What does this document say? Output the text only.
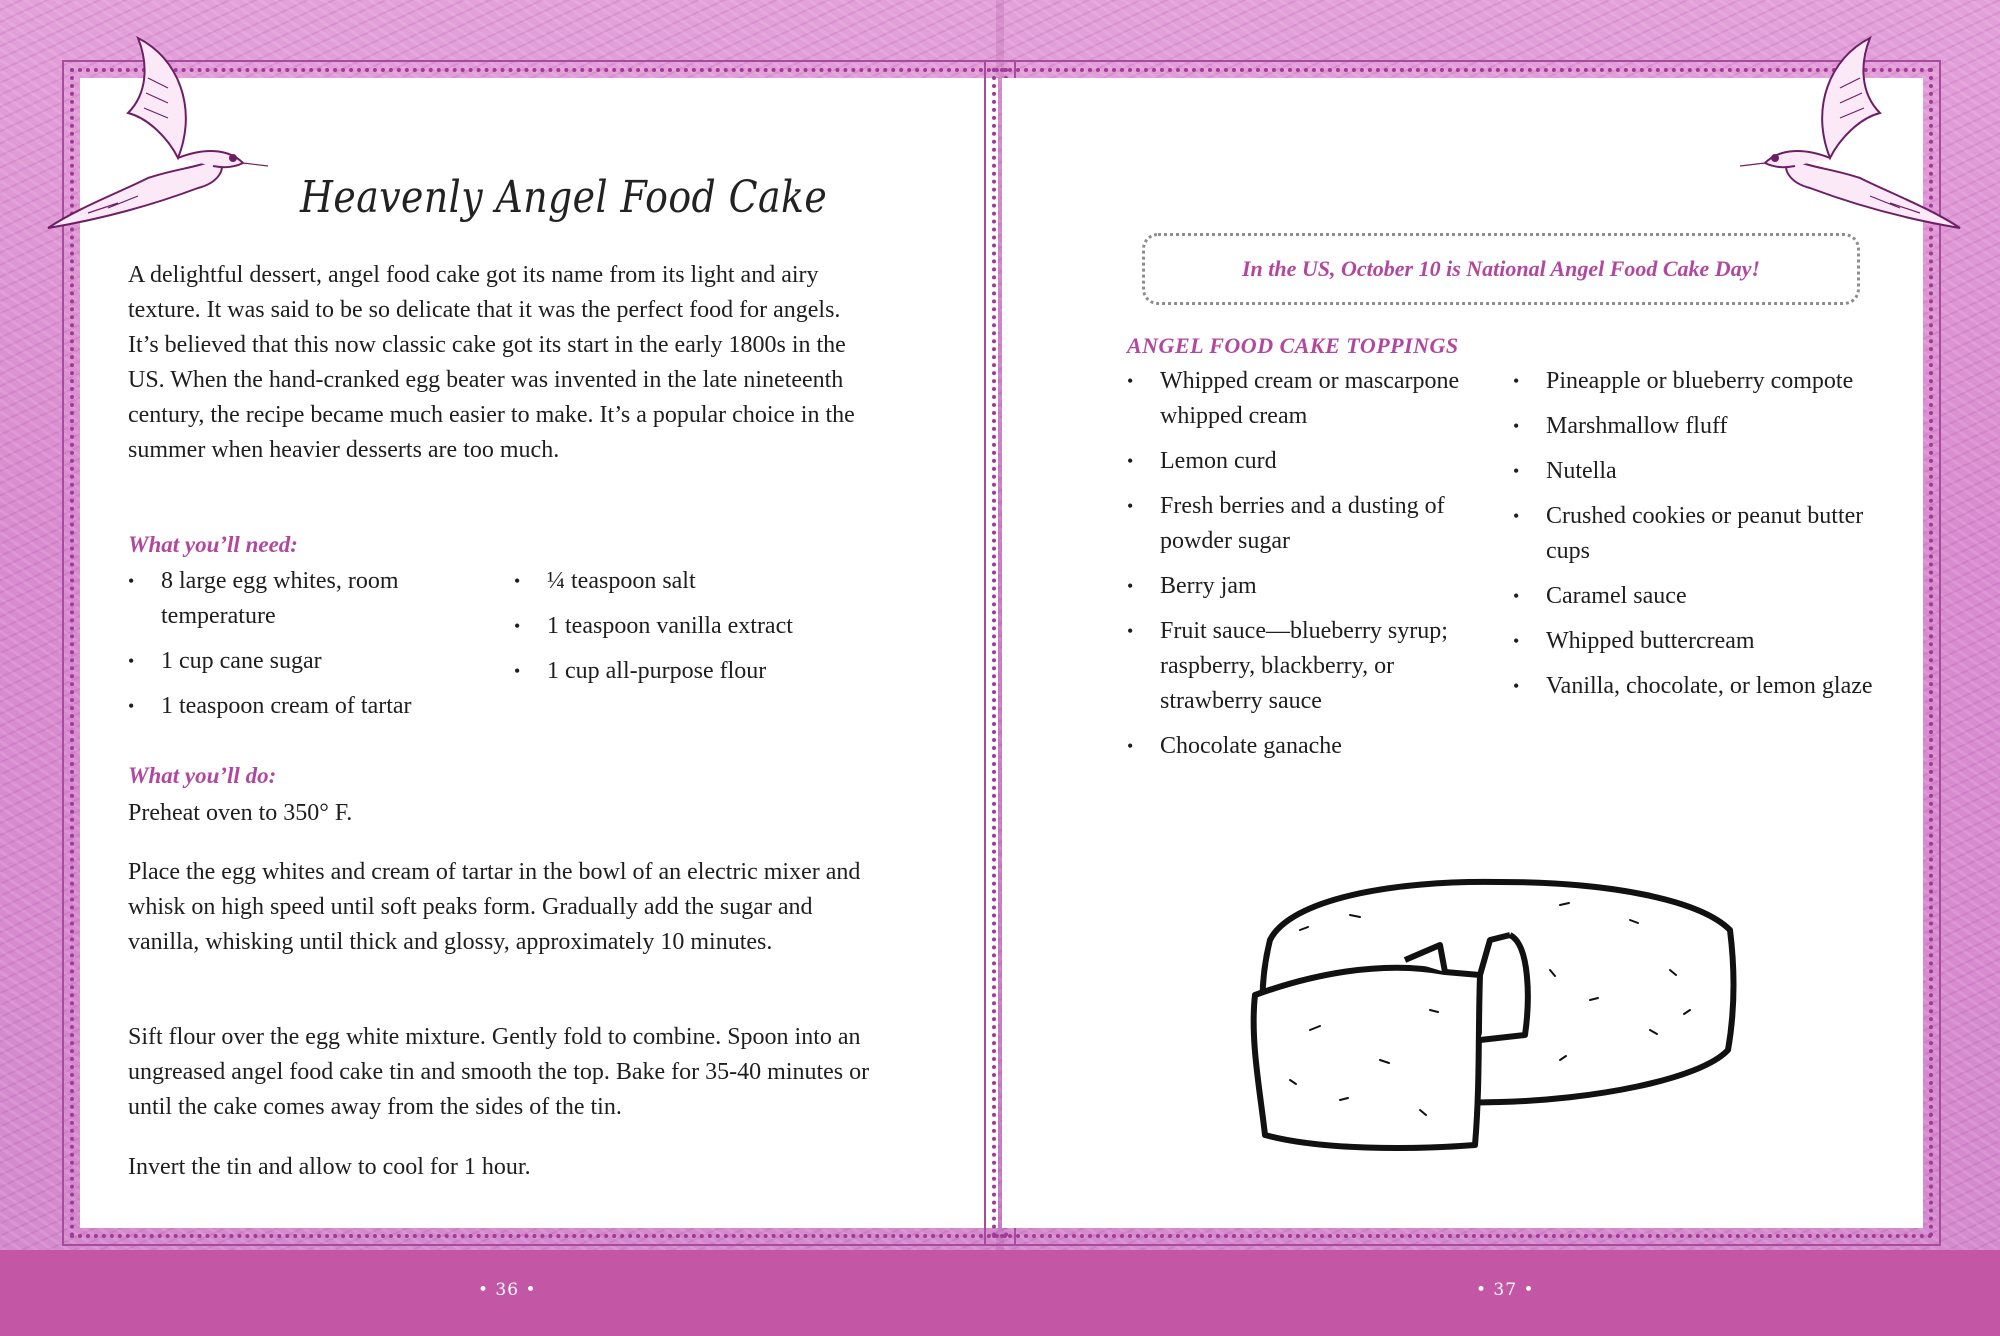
Heavenly Angel Food Cake
A delightful dessert, angel food cake got its name from its light and airy texture. It was said to be so delicate that it was the perfect food for angels. It’s believed that this now classic cake got its start in the early 1800s in the US. When the hand-cranked egg beater was invented in the late nineteenth century, the recipe became much easier to make. It’s a popular choice in the summer when heavier desserts are too much.
What you’ll need:
• 8 large egg whites, room temperature
• 1 cup cane sugar
• 1 teaspoon cream of tartar
• ¼ teaspoon salt
• 1 teaspoon vanilla extract
• 1 cup all-purpose flour
What you’ll do:
Preheat oven to 350° F.
Place the egg whites and cream of tartar in the bowl of an electric mixer and whisk on high speed until soft peaks form. Gradually add the sugar and vanilla, whisking until thick and glossy, approximately 10 minutes.
Sift flour over the egg white mixture. Gently fold to combine. Spoon into an ungreased angel food cake tin and smooth the top. Bake for 35-40 minutes or until the cake comes away from the sides of the tin.
Invert the tin and allow to cool for 1 hour.
In the US, October 10 is National Angel Food Cake Day!
ANGEL FOOD CAKE TOPPINGS
• Whipped cream or mascarpone whipped cream
• Lemon curd
• Fresh berries and a dusting of powder sugar
• Berry jam
• Fruit sauce—blueberry syrup; raspberry, blackberry, or strawberry sauce
• Chocolate ganache
• Pineapple or blueberry compote
• Marshmallow fluff
• Nutella
• Crushed cookies or peanut butter cups
• Caramel sauce
• Whipped buttercream
• Vanilla, chocolate, or lemon glaze
• 36 •	• 37 •
